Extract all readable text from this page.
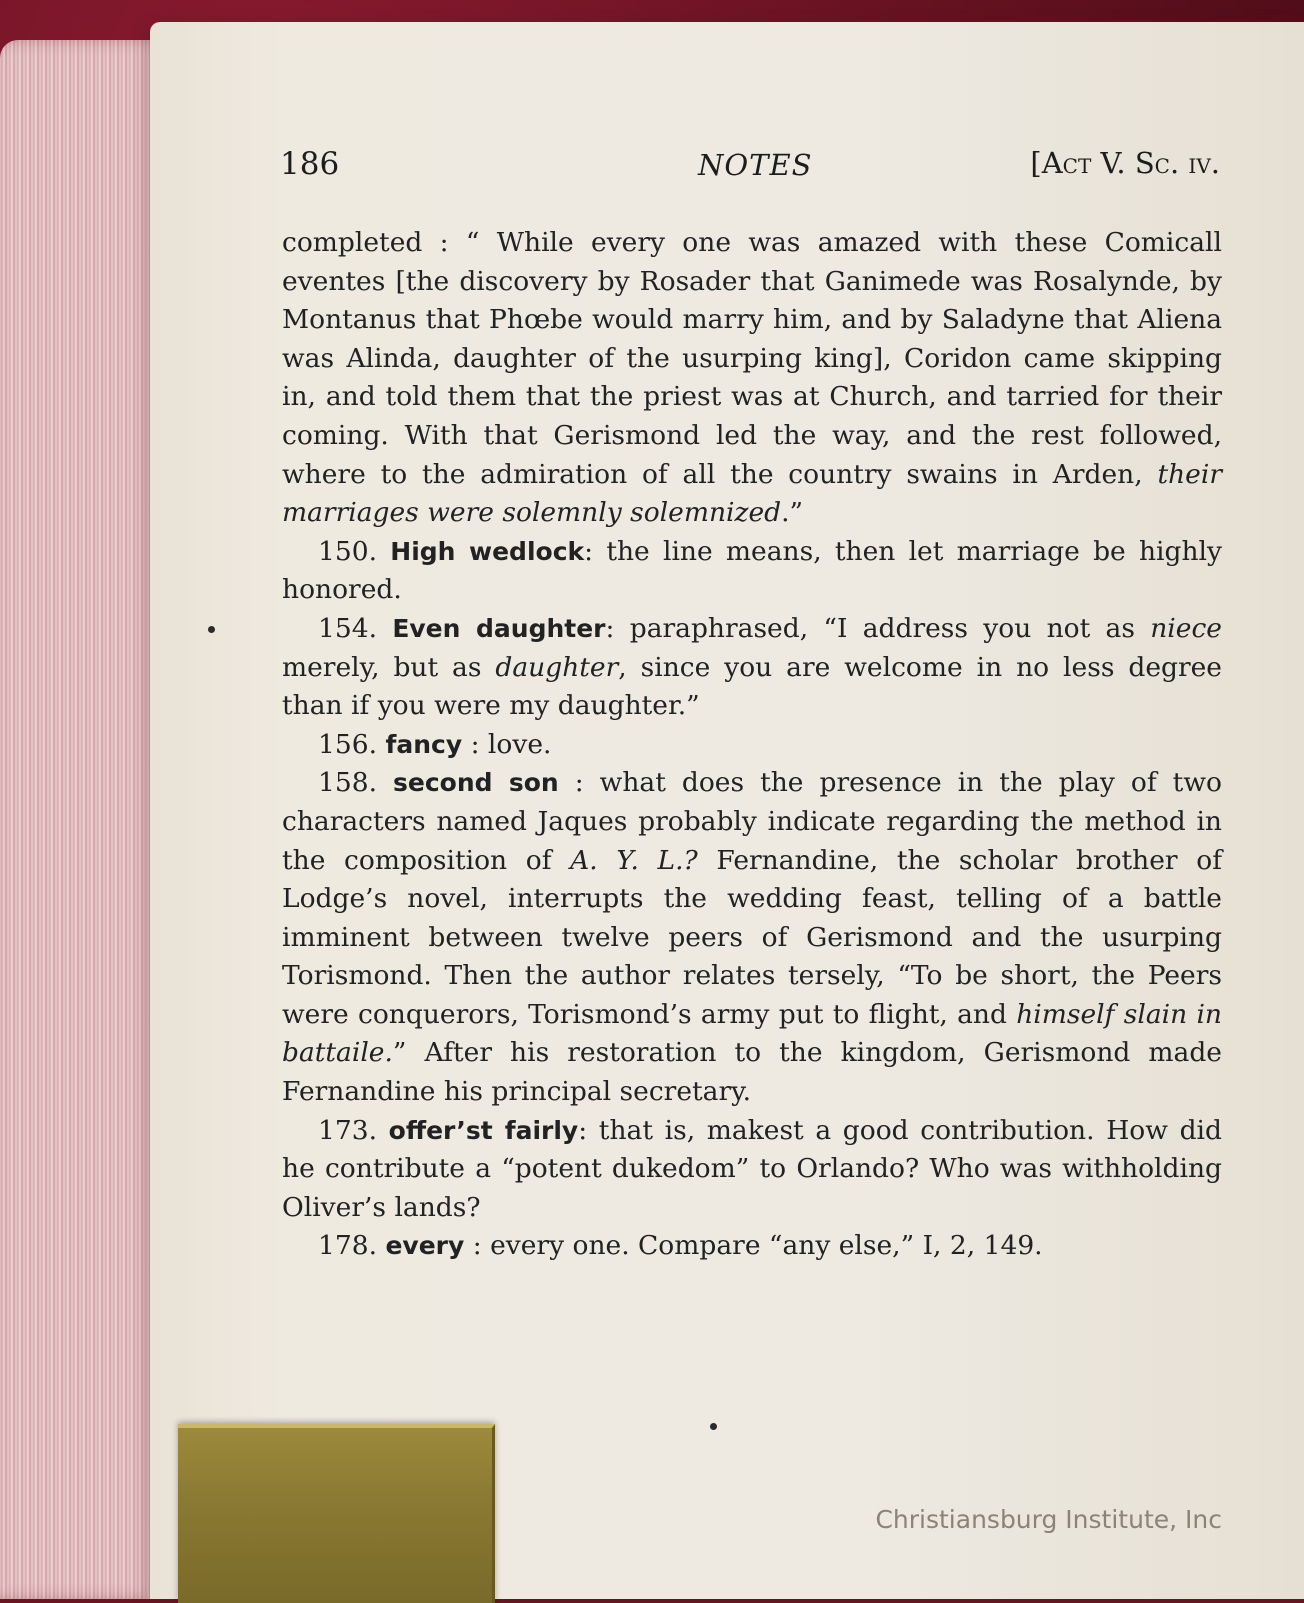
186	NOTES	[Act V. Sc. iv.

completed : “ While every one was amazed with these Comicall eventes [the discovery by Rosader that Ganimede was Rosalynde, by Montanus that Phœbe would marry him, and by Saladyne that Aliena was Alinda, daughter of the usurping king], Coridon came skipping in, and told them that the priest was at Church, and tarried for their coming. With that Gerismond led the way, and the rest followed, where to the admiration of all the country swains in Arden, their marriages were solemnly solemnized.”

150. High wedlock: the line means, then let marriage be highly honored.

154. Even daughter: paraphrased, “I address you not as niece merely, but as daughter, since you are welcome in no less degree than if you were my daughter.”

156. fancy : love.

158. second son : what does the presence in the play of two characters named Jaques probably indicate regarding the method in the composition of A. Y. L.? Fernandine, the scholar brother of Lodge’s novel, interrupts the wedding feast, telling of a battle imminent between twelve peers of Gerismond and the usurping Torismond. Then the author relates tersely, “To be short, the Peers were conquerors, Torismond’s army put to flight, and himself slain in battaile.” After his restoration to the kingdom, Gerismond made Fernandine his principal secretary.

173. offer’st fairly: that is, makest a good contribution. How did he contribute a “potent dukedom” to Orlando? Who was withholding Oliver’s lands?

178. every : every one. Compare “any else,” I, 2, 149.

Christiansburg Institute, Inc
